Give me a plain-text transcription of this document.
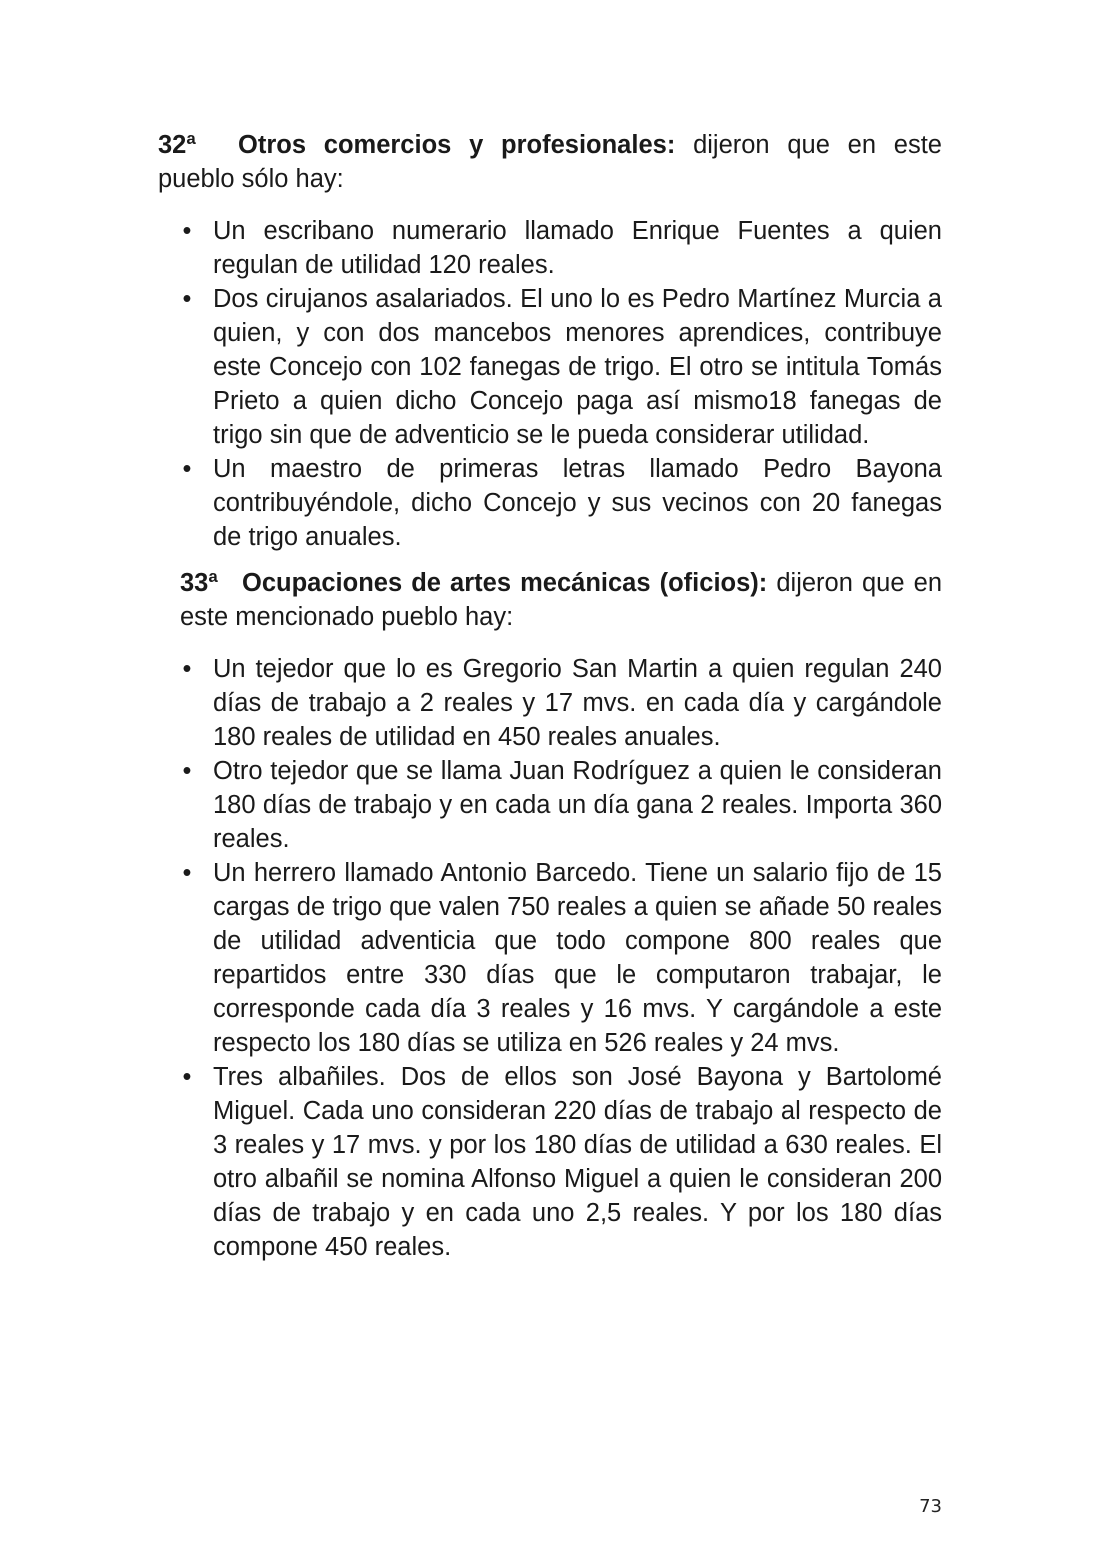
32ª Otros comercios y profesionales: dijeron que en este pueblo sólo hay:

• Un escribano numerario llamado Enrique Fuentes a quien regulan de utilidad 120 reales.
• Dos cirujanos asalariados. El uno lo es Pedro Martínez Murcia a quien, y con dos mancebos menores aprendices, contribuye este Concejo con 102 fanegas de trigo. El otro se intitula Tomás Prieto a quien dicho Concejo paga así mismo18 fanegas de trigo sin que de adventicio se le pueda considerar utilidad.
• Un maestro de primeras letras llamado Pedro Bayona contribuyéndole, dicho Concejo y sus vecinos con 20 fanegas de trigo anuales.

33ª Ocupaciones de artes mecánicas (oficios): dijeron que en este mencionado pueblo hay:

• Un tejedor que lo es Gregorio San Martin a quien regulan 240 días de trabajo a 2 reales y 17 mvs. en cada día y cargándole 180 reales de utilidad en 450 reales anuales.
• Otro tejedor que se llama Juan Rodríguez a quien le consideran 180 días de trabajo y en cada un día gana 2 reales. Importa 360 reales.
• Un herrero llamado Antonio Barcedo. Tiene un salario fijo de 15 cargas de trigo que valen 750 reales a quien se añade 50 reales de utilidad adventicia que todo compone 800 reales que repartidos entre 330 días que le computaron trabajar, le corresponde cada día 3 reales y 16 mvs. Y cargándole a este respecto los 180 días se utiliza en 526 reales y 24 mvs.
• Tres albañiles. Dos de ellos son José Bayona y Bartolomé Miguel. Cada uno consideran 220 días de trabajo al respecto de 3 reales y 17 mvs. y por los 180 días de utilidad a 630 reales. El otro albañil se nomina Alfonso Miguel a quien le consideran 200 días de trabajo y en cada uno 2,5 reales. Y por los 180 días compone 450 reales.
73
